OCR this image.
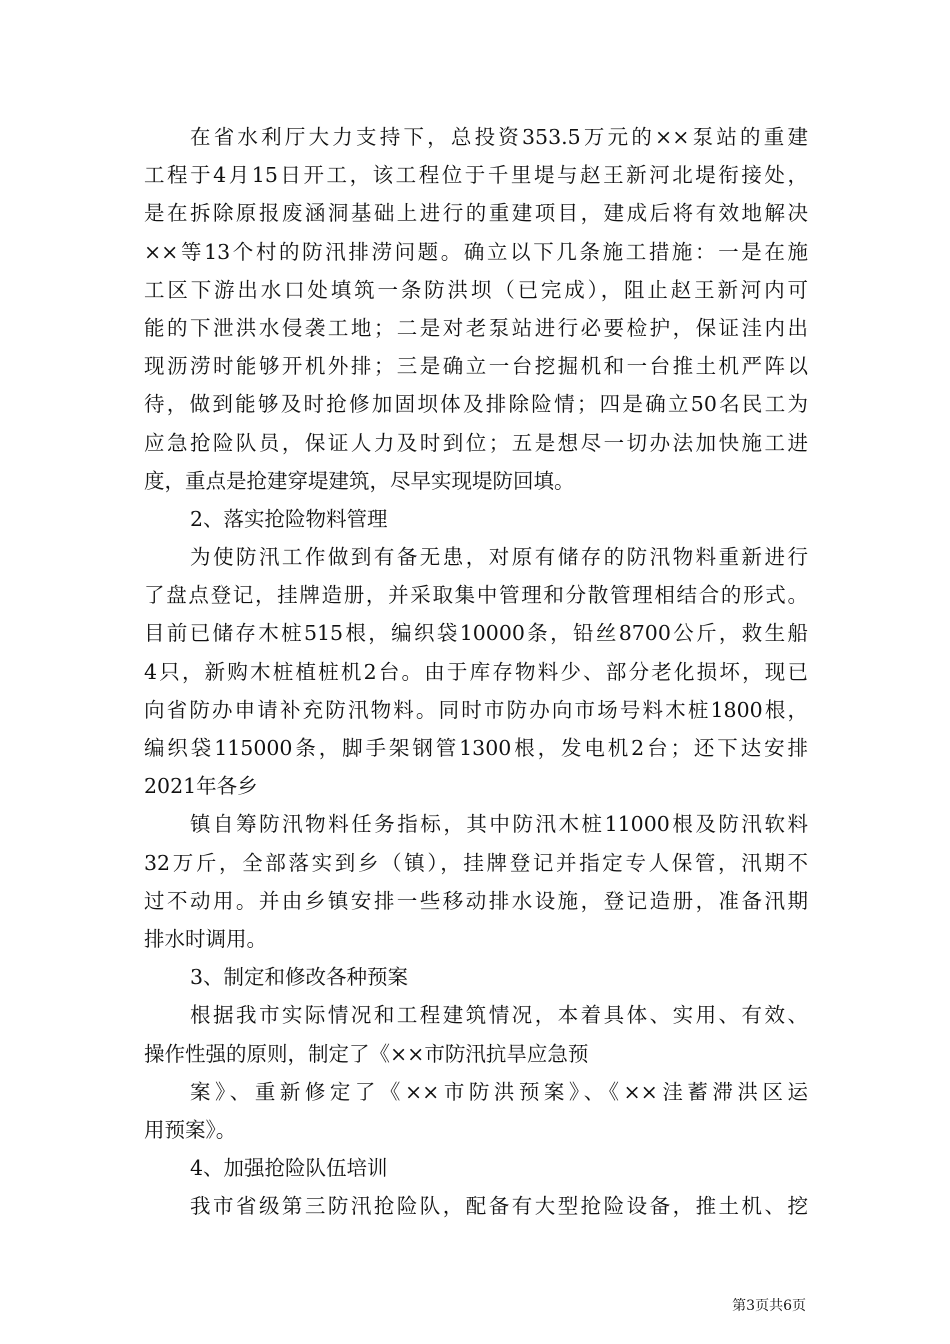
在省水利厅大力支持下，总投资353.5万元的××泵站的重建
工程于4月15日开工，该工程位于千里堤与赵王新河北堤衔接处，
是在拆除原报废涵洞基础上进行的重建项目，建成后将有效地解决
××等13个村的防汛排涝问题。确立以下几条施工措施：一是在施
工区下游出水口处填筑一条防洪坝（已完成），阻止赵王新河内可
能的下泄洪水侵袭工地；二是对老泵站进行必要检护，保证洼内出
现沥涝时能够开机外排；三是确立一台挖掘机和一台推土机严阵以
待，做到能够及时抢修加固坝体及排除险情；四是确立50名民工为
应急抢险队员，保证人力及时到位；五是想尽一切办法加快施工进
度，重点是抢建穿堤建筑，尽早实现堤防回填。
2、落实抢险物料管理
为使防汛工作做到有备无患，对原有储存的防汛物料重新进行
了盘点登记，挂牌造册，并采取集中管理和分散管理相结合的形式。
目前已储存木桩515根，编织袋10000条，铅丝8700公斤，救生船
4只，新购木桩植桩机2台。由于库存物料少、部分老化损坏，现已
向省防办申请补充防汛物料。同时市防办向市场号料木桩1800根，
编织袋115000条，脚手架钢管1300根，发电机2台；还下达安排
2021年各乡
镇自筹防汛物料任务指标，其中防汛木桩11000根及防汛软料
32万斤，全部落实到乡（镇），挂牌登记并指定专人保管，汛期不
过不动用。并由乡镇安排一些移动排水设施，登记造册，准备汛期
排水时调用。
3、制定和修改各种预案
根据我市实际情况和工程建筑情况，本着具体、实用、有效、
操作性强的原则，制定了《××市防汛抗旱应急预
案》、重新修定了《××市防洪预案》、《××洼蓄滞洪区运
用预案》。
4、加强抢险队伍培训
我市省级第三防汛抢险队，配备有大型抢险设备，推土机、挖
第3页共6页
